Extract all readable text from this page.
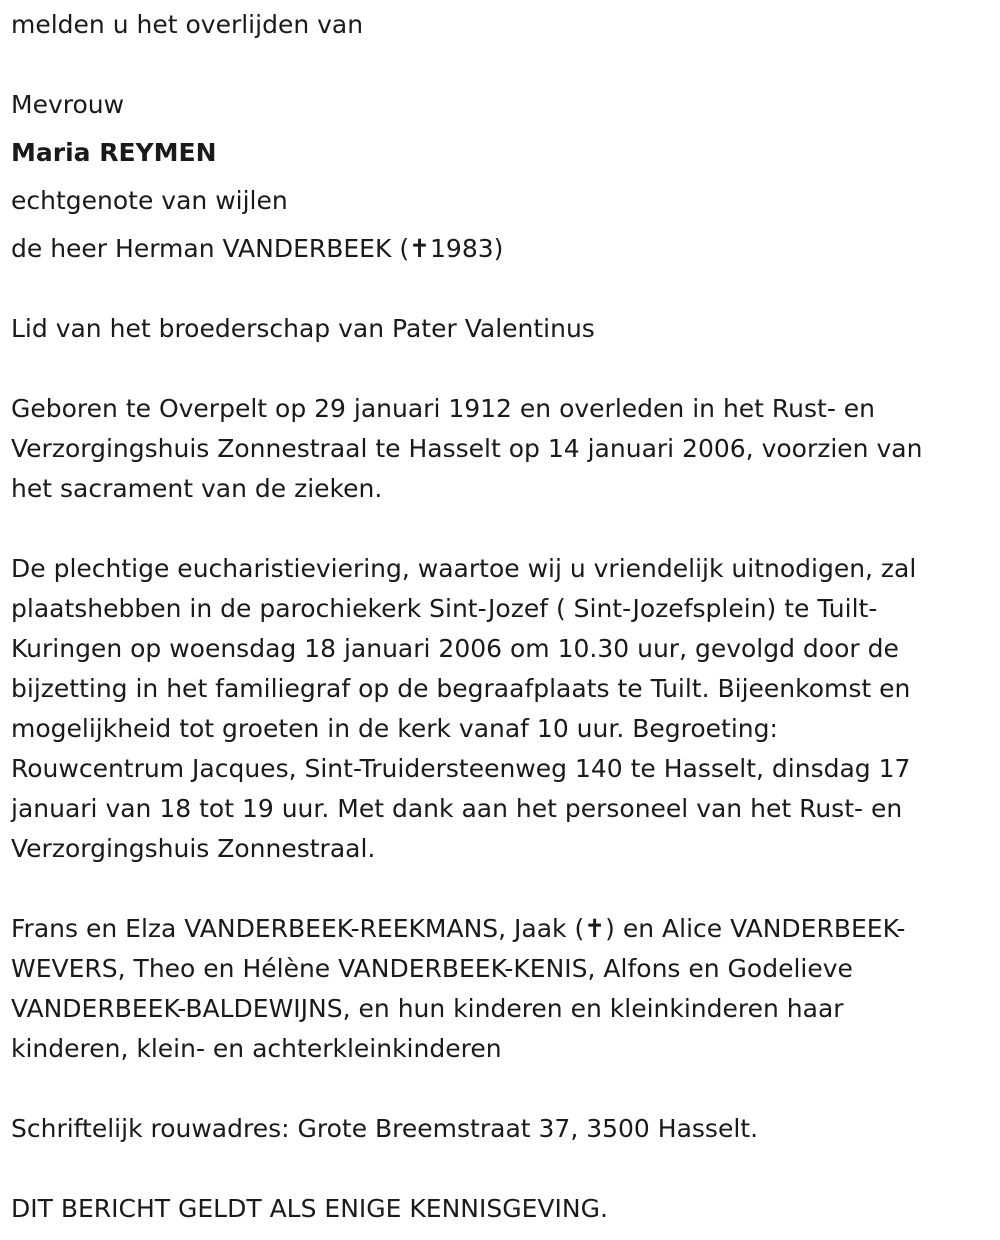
melden u het overlijden van

Mevrouw

Maria REYMEN

echtgenote van wijlen

de heer Herman VANDERBEEK (✝1983)

Lid van het broederschap van Pater Valentinus

Geboren te Overpelt op 29 januari 1912 en overleden in het Rust- en
Verzorgingshuis Zonnestraal te Hasselt op 14 januari 2006, voorzien van
het sacrament van de zieken.
De plechtige eucharistieviering, waartoe wij u vriendelijk uitnodigen, zal
plaatshebben in de parochiekerk Sint-Jozef ( Sint-Jozefsplein) te Tuilt-
Kuringen op woensdag 18 januari 2006 om 10.30 uur, gevolgd door de
bijzetting in het familiegraf op de begraafplaats te Tuilt. Bijeenkomst en
mogelijkheid tot groeten in de kerk vanaf 10 uur. Begroeting:
Rouwcentrum Jacques, Sint-Truidersteenweg 140 te Hasselt, dinsdag 17
januari van 18 tot 19 uur. Met dank aan het personeel van het Rust- en
Verzorgingshuis Zonnestraal.
Frans en Elza VANDERBEEK-REEKMANS, Jaak (✝) en Alice VANDERBEEK-
WEVERS, Theo en Hélène VANDERBEEK-KENIS, Alfons en Godelieve
VANDERBEEK-BALDEWIJNS, en hun kinderen en kleinkinderen haar
kinderen, klein- en achterkleinkinderen

Schriftelijk rouwadres: Grote Breemstraat 37, 3500 Hasselt.

DIT BERICHT GELDT ALS ENIGE KENNISGEVING.
